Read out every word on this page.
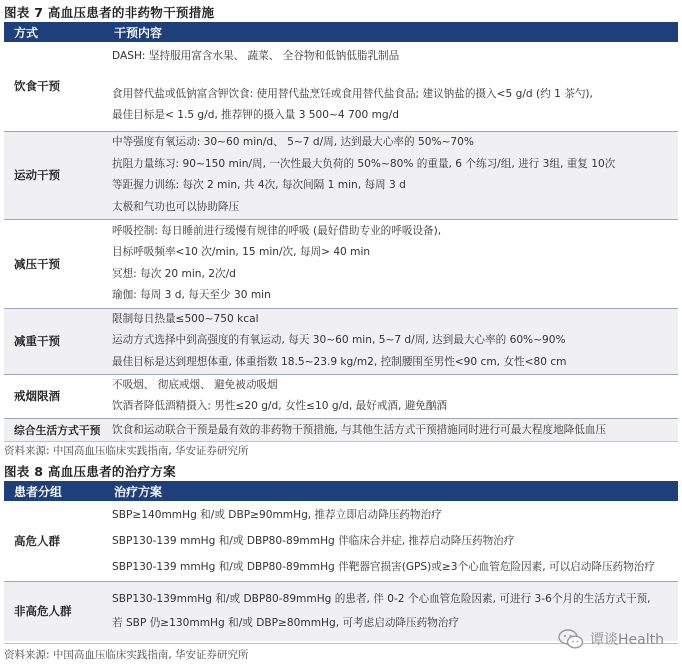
图表 7 高血压患者的非药物干预措施
方式	干预内容
饮食干预	DASH: 坚持服用富含水果、 蔬菜、 全谷物和低钠低脂乳制品
食用替代盐或低钠富含钾饮食: 使用替代盐烹饪或食用替代盐食品; 建议钠盐的摄入<5 g/d (约 1 茶勺),
最佳目标是< 1.5 g/d, 推荐钾的摄入量 3 500~4 700 mg/d

运动干预	中等强度有氧运动: 30~60 min/d、 5~7 d/周, 达到最大心率的 50%~70%
抗阻力量练习: 90~150 min/周, 一次性最大负荷的 50%~80% 的重量, 6 个练习/组, 进行 3组, 重复 10次
等距握力训练: 每次 2 min, 共 4次, 每次间隔 1 min, 每周 3 d
太极和气功也可以协助降压

减压干预	呼吸控制: 每日睡前进行缓慢有规律的呼吸 (最好借助专业的呼吸设备),
目标呼吸频率<10 次/min, 15 min/次, 每周> 40 min
冥想: 每次 20 min, 2次/d
瑜伽: 每周 3 d, 每天至少 30 min

减重干预	限制每日热量≤500~750 kcal
运动方式选择中到高强度的有氧运动, 每天 30~60 min, 5~7 d/周, 达到最大心率的 60%~90%
最佳目标是达到理想体重, 体重指数 18.5~23.9 kg/m2, 控制腰围至男性<90 cm, 女性<80 cm

戒烟限酒	不吸烟、 彻底戒烟、 避免被动吸烟
饮酒者降低酒精摄入: 男性≤20 g/d, 女性≤10 g/d, 最好戒酒, 避免酗酒

综合生活方式干预	饮食和运动联合干预是最有效的非药物干预措施, 与其他生活方式干预措施同时进行可最大程度地降低血压
资料来源: 中国高血压临床实践指南, 华安证券研究所
图表 8 高血压患者的治疗方案
患者分组	治疗方案
高危人群	SBP≥140mmHg 和/或 DBP≥90mmHg, 推荐立即启动降压药物治疗
SBP130-139 mmHg 和/或 DBP80-89mmHg 伴临床合并症, 推荐启动降压药物治疗
SBP130-139 mmHg 和/或 DBP80-89mmHg 伴靶器官损害(GPS)或≥3个心血管危险因素, 可以启动降压药物治疗

非高危人群	SBP130-139mmHg 和/或 DBP80-89mmHg 的患者, 伴 0-2 个心血管危险因素, 可进行 3-6个月的生活方式干预,
若 SBP 仍≥130mmHg 和/或 DBP≥80mmHg, 可考虑启动降压药物治疗
资料来源: 中国高血压临床实践指南, 华安证券研究所
谭谈Health
